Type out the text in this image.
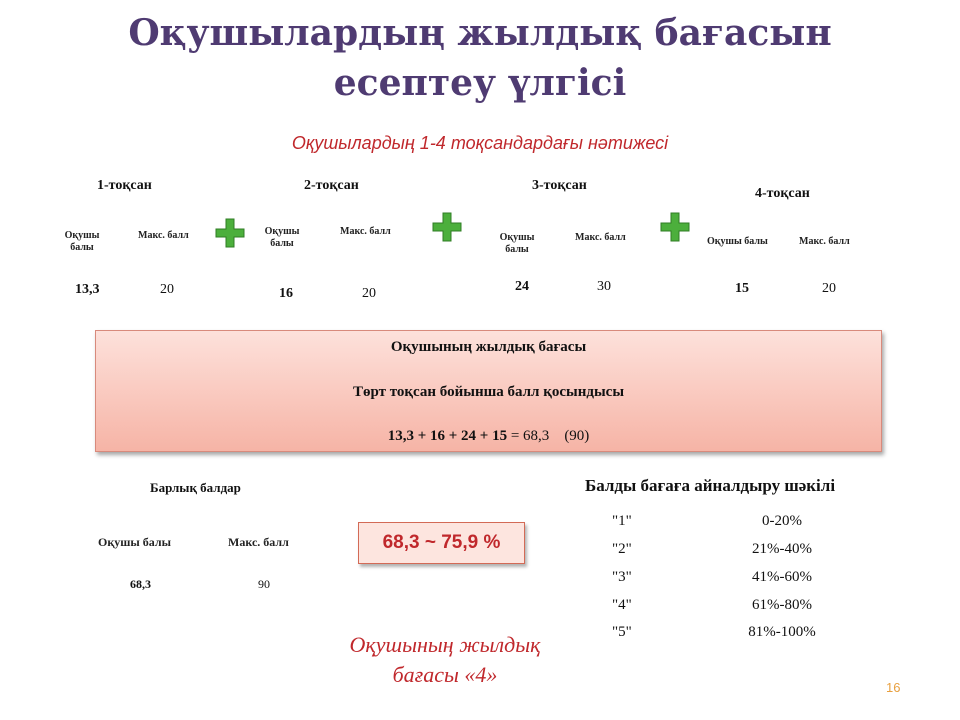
Оқушылардың жылдық бағасын
есептеу үлгісі
Оқушылардың 1-4 тоқсандардағы нәтижесі
1-тоқсан
Оқушы
балы
Макс. балл
13,3	20
2-тоқсан
Оқушы
балы
Макс. балл
16	20
3-тоқсан
Оқушы
балы
Макс. балл
24	30
4-тоқсан
Оқушы балы	Макс. балл
15	20
Оқушының жылдық бағасы
Төрт тоқсан бойынша балл қосындысы
13,3 + 16 + 24 + 15 = 68,3 (90)
Барлық балдар
Оқушы балы	Макс. балл
68,3	90
68,3 ~ 75,9 %
Балды бағаға айналдыру шәкілі
"1"	0-20%
"2"	21%-40%
"3"	41%-60%
"4"	61%-80%
"5"	81%-100%
Оқушының жылдық
бағасы «4»
16
